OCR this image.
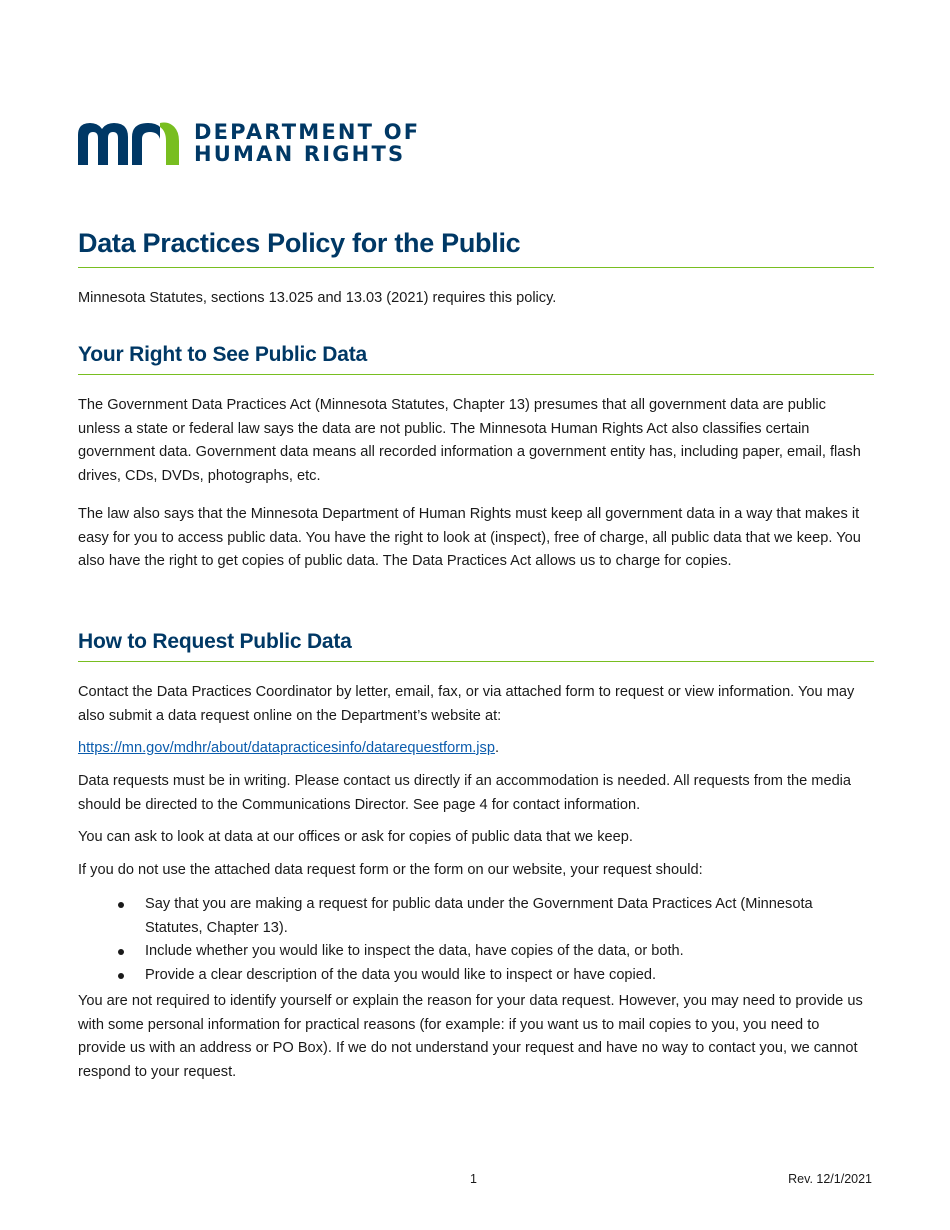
DEPARTMENT OF
HUMAN RIGHTS
Data Practices Policy for the Public

Minnesota Statutes, sections 13.025 and 13.03 (2021) requires this policy.

Your Right to See Public Data

The Government Data Practices Act (Minnesota Statutes, Chapter 13) presumes that all government data are public unless a state or federal law says the data are not public. The Minnesota Human Rights Act also classifies certain government data. Government data means all recorded information a government entity has, including paper, email, flash drives, CDs, DVDs, photographs, etc.

The law also says that the Minnesota Department of Human Rights must keep all government data in a way that makes it easy for you to access public data. You have the right to look at (inspect), free of charge, all public data that we keep. You also have the right to get copies of public data. The Data Practices Act allows us to charge for copies.

How to Request Public Data

Contact the Data Practices Coordinator by letter, email, fax, or via attached form to request or view information. You may also submit a data request online on the Department’s website at:

https://mn.gov/mdhr/about/datapracticesinfo/datarequestform.jsp.

Data requests must be in writing. Please contact us directly if an accommodation is needed. All requests from the media should be directed to the Communications Director. See page 4 for contact information.

You can ask to look at data at our offices or ask for copies of public data that we keep.

If you do not use the attached data request form or the form on our website, your request should:

Say that you are making a request for public data under the Government Data Practices Act (Minnesota Statutes, Chapter 13).
Include whether you would like to inspect the data, have copies of the data, or both.
Provide a clear description of the data you would like to inspect or have copied.

You are not required to identify yourself or explain the reason for your data request. However, you may need to provide us with some personal information for practical reasons (for example: if you want us to mail copies to you, you need to provide us with an address or PO Box). If we do not understand your request and have no way to contact you, we cannot respond to your request.

1	Rev. 12/1/2021
